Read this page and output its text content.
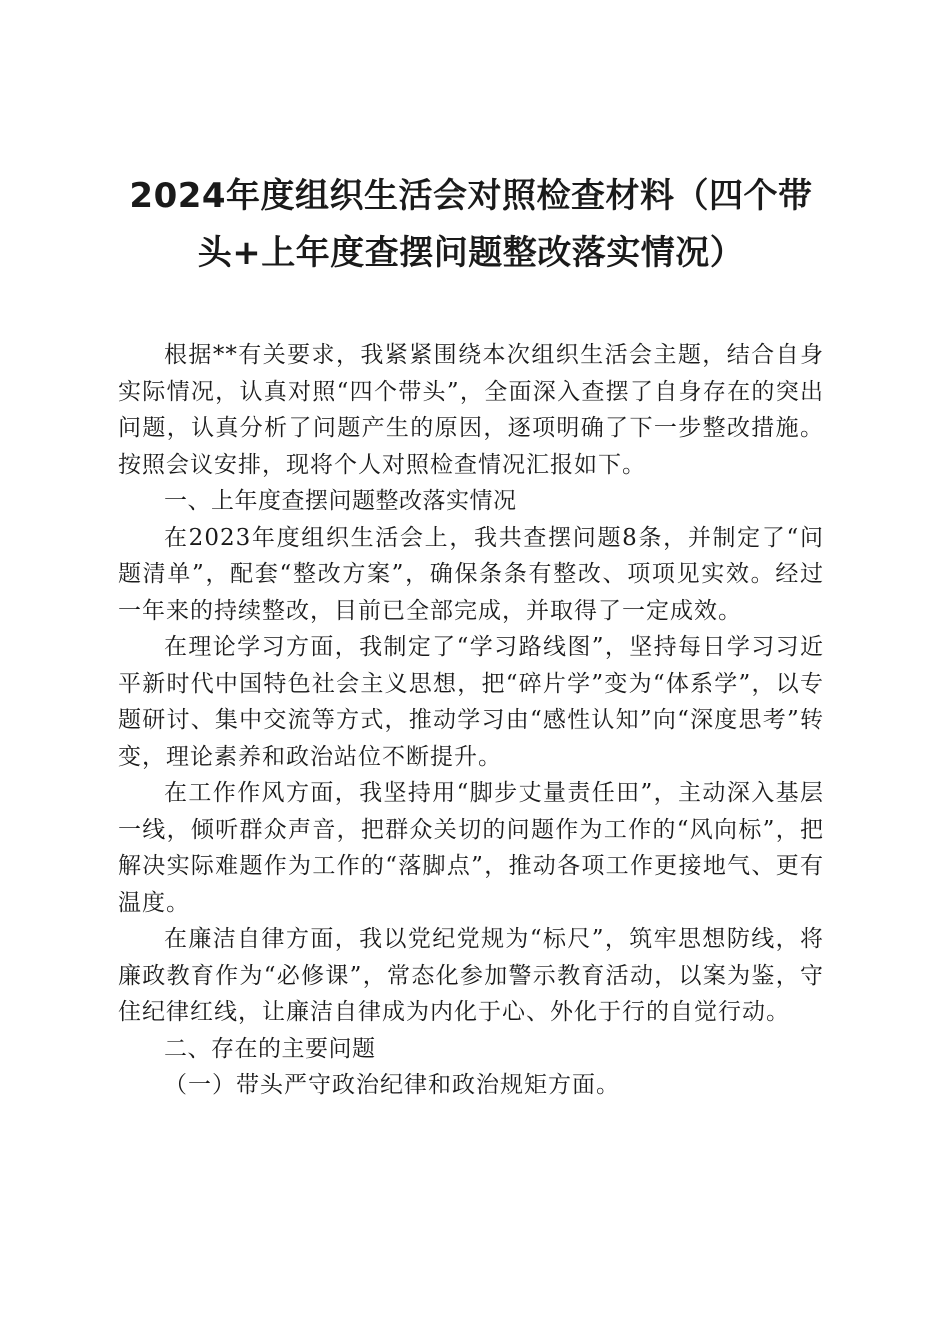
2024年度组织生活会对照检查材料（四个带
头+上年度查摆问题整改落实情况）

根据**有关要求，我紧紧围绕本次组织生活会主题，结合自身实际情况，认真对照“四个带头”，全面深入查摆了自身存在的突出问题，认真分析了问题产生的原因，逐项明确了下一步整改措施。按照会议安排，现将个人对照检查情况汇报如下。

一、上年度查摆问题整改落实情况

在2023年度组织生活会上，我共查摆问题8条，并制定了“问题清单”，配套“整改方案”，确保条条有整改、项项见实效。经过一年来的持续整改，目前已全部完成，并取得了一定成效。

在理论学习方面，我制定了“学习路线图”，坚持每日学习习近平新时代中国特色社会主义思想，把“碎片学”变为“体系学”，以专题研讨、集中交流等方式，推动学习由“感性认知”向“深度思考”转变，理论素养和政治站位不断提升。

在工作作风方面，我坚持用“脚步丈量责任田”，主动深入基层一线，倾听群众声音，把群众关切的问题作为工作的“风向标”，把解决实际难题作为工作的“落脚点”，推动各项工作更接地气、更有温度。

在廉洁自律方面，我以党纪党规为“标尺”，筑牢思想防线，将廉政教育作为“必修课”，常态化参加警示教育活动，以案为鉴，守住纪律红线，让廉洁自律成为内化于心、外化于行的自觉行动。

二、存在的主要问题

（一）带头严守政治纪律和政治规矩方面。
